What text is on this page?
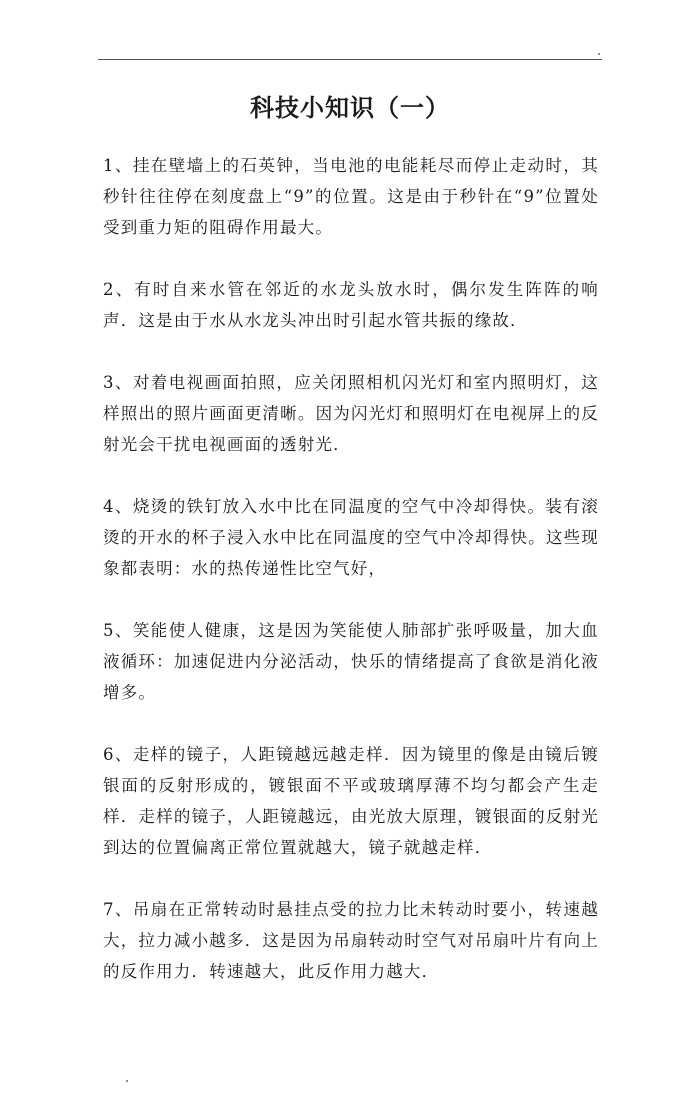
科技小知识（一）

1、挂在壁墙上的石英钟，当电池的电能耗尽而停止走动时，其秒针往往停在刻度盘上“9”的位置。这是由于秒针在“9”位置处受到重力矩的阻碍作用最大。

2、有时自来水管在邻近的水龙头放水时，偶尔发生阵阵的响声．这是由于水从水龙头冲出时引起水管共振的缘故．

3、对着电视画面拍照，应关闭照相机闪光灯和室内照明灯，这样照出的照片画面更清晰。因为闪光灯和照明灯在电视屏上的反射光会干扰电视画面的透射光．

4、烧烫的铁钉放入水中比在同温度的空气中冷却得快。装有滚烫的开水的杯子浸入水中比在同温度的空气中冷却得快。这些现象都表明：水的热传递性比空气好，

5、笑能使人健康，这是因为笑能使人肺部扩张呼吸量，加大血液循环：加速促进内分泌活动，快乐的情绪提高了食欲是消化液增多。

6、走样的镜子，人距镜越远越走样．因为镜里的像是由镜后镀银面的反射形成的，镀银面不平或玻璃厚薄不均匀都会产生走样．走样的镜子，人距镜越远，由光放大原理，镀银面的反射光到达的位置偏离正常位置就越大，镜子就越走样．

7、吊扇在正常转动时悬挂点受的拉力比未转动时要小，转速越大，拉力减小越多．这是因为吊扇转动时空气对吊扇叶片有向上的反作用力．转速越大，此反作用力越大．
